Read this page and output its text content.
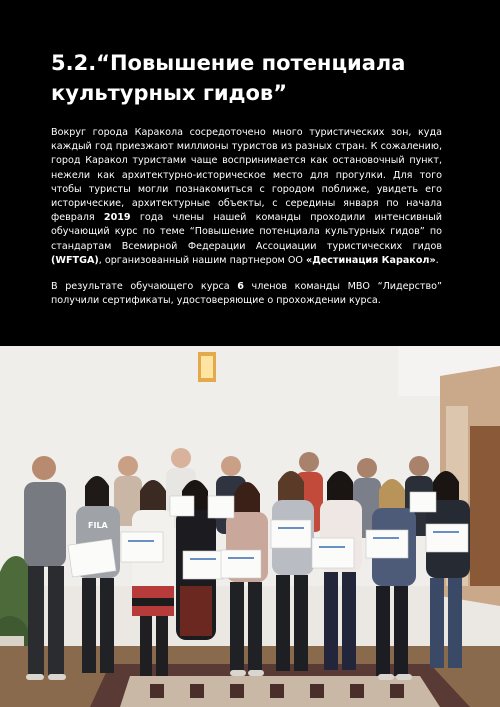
5.2.“Повышение потенциала
культурных гидов”

Вокруг города Каракола сосредоточено много туристических зон, куда каждый год приезжают миллионы туристов из разных стран. К сожалению, город Каракол туристами чаще воспринимается как остановочный пункт, нежели как архитектурно-историческое место для прогулки. Для того чтобы туристы могли познакомиться с городом поближе, увидеть его исторические, архитектурные объекты, с середины января по начала февраля 2019 года члены нашей команды проходили интенсивный обучающий курс по теме “Повышение потенциала культурных гидов” по стандартам Всемирной Федерации Ассоциации туристических гидов (WFTGA), организованный нашим партнером ОО «Дестинация Каракол».

В результате обучающего курса 6 членов команды МВО “Лидерство” получили сертификаты, удостоверяющие о прохождении курса.

FILA
